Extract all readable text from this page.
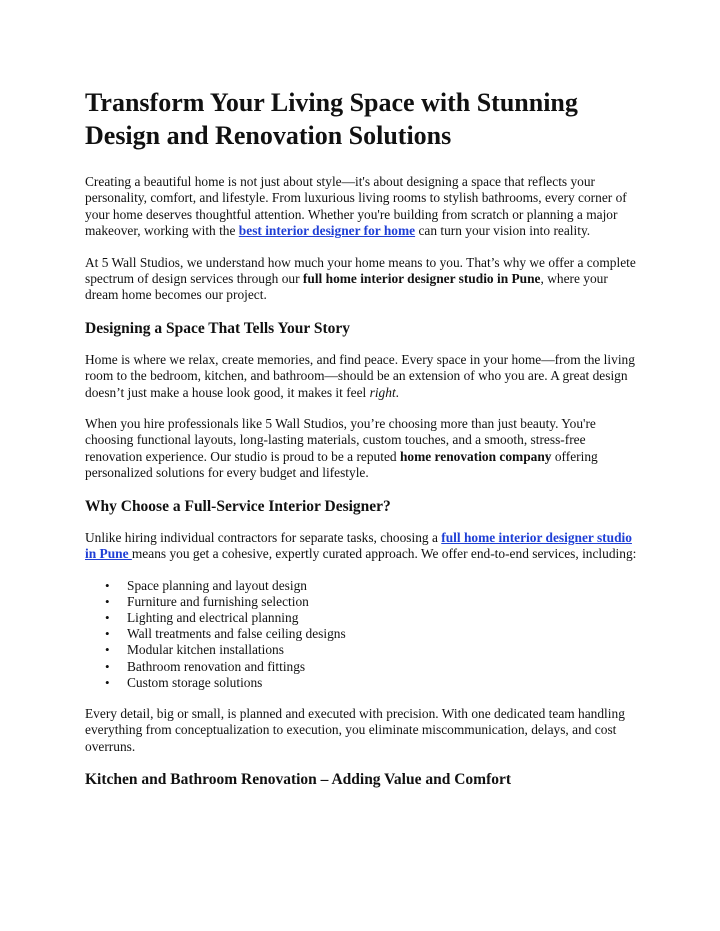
Transform Your Living Space with Stunning Design and Renovation Solutions

Creating a beautiful home is not just about style—it's about designing a space that reflects your personality, comfort, and lifestyle. From luxurious living rooms to stylish bathrooms, every corner of your home deserves thoughtful attention. Whether you're building from scratch or planning a major makeover, working with the best interior designer for home can turn your vision into reality.

At 5 Wall Studios, we understand how much your home means to you. That’s why we offer a complete spectrum of design services through our full home interior designer studio in Pune, where your dream home becomes our project.

Designing a Space That Tells Your Story

Home is where we relax, create memories, and find peace. Every space in your home—from the living room to the bedroom, kitchen, and bathroom—should be an extension of who you are. A great design doesn’t just make a house look good, it makes it feel right.

When you hire professionals like 5 Wall Studios, you’re choosing more than just beauty. You're choosing functional layouts, long-lasting materials, custom touches, and a smooth, stress-free renovation experience. Our studio is proud to be a reputed home renovation company offering personalized solutions for every budget and lifestyle.

Why Choose a Full-Service Interior Designer?

Unlike hiring individual contractors for separate tasks, choosing a full home interior designer studio in Pune means you get a cohesive, expertly curated approach. We offer end-to-end services, including:

• Space planning and layout design
• Furniture and furnishing selection
• Lighting and electrical planning
• Wall treatments and false ceiling designs
• Modular kitchen installations
• Bathroom renovation and fittings
• Custom storage solutions

Every detail, big or small, is planned and executed with precision. With one dedicated team handling everything from conceptualization to execution, you eliminate miscommunication, delays, and cost overruns.

Kitchen and Bathroom Renovation – Adding Value and Comfort
